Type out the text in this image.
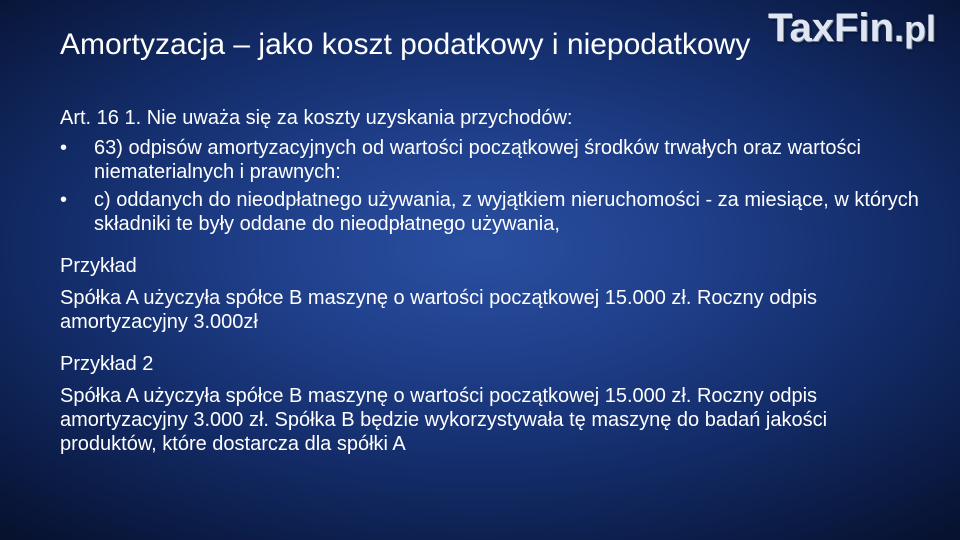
Amortyzacja – jako koszt podatkowy i niepodatkowy TaxFin.pl

Art. 16 1. Nie uważa się za koszty uzyskania przychodów:

• 63) odpisów amortyzacyjnych od wartości początkowej środków trwałych oraz wartości niematerialnych i prawnych:
• c) oddanych do nieodpłatnego używania, z wyjątkiem nieruchomości - za miesiące, w których składniki te były oddane do nieodpłatnego używania,

Przykład

Spółka A użyczyła spółce B maszynę o wartości początkowej 15.000 zł. Roczny odpis amortyzacyjny 3.000zł

Przykład 2

Spółka A użyczyła spółce B maszynę o wartości początkowej 15.000 zł. Roczny odpis amortyzacyjny 3.000 zł. Spółka B będzie wykorzystywała tę maszynę do badań jakości produktów, które dostarcza dla spółki A
